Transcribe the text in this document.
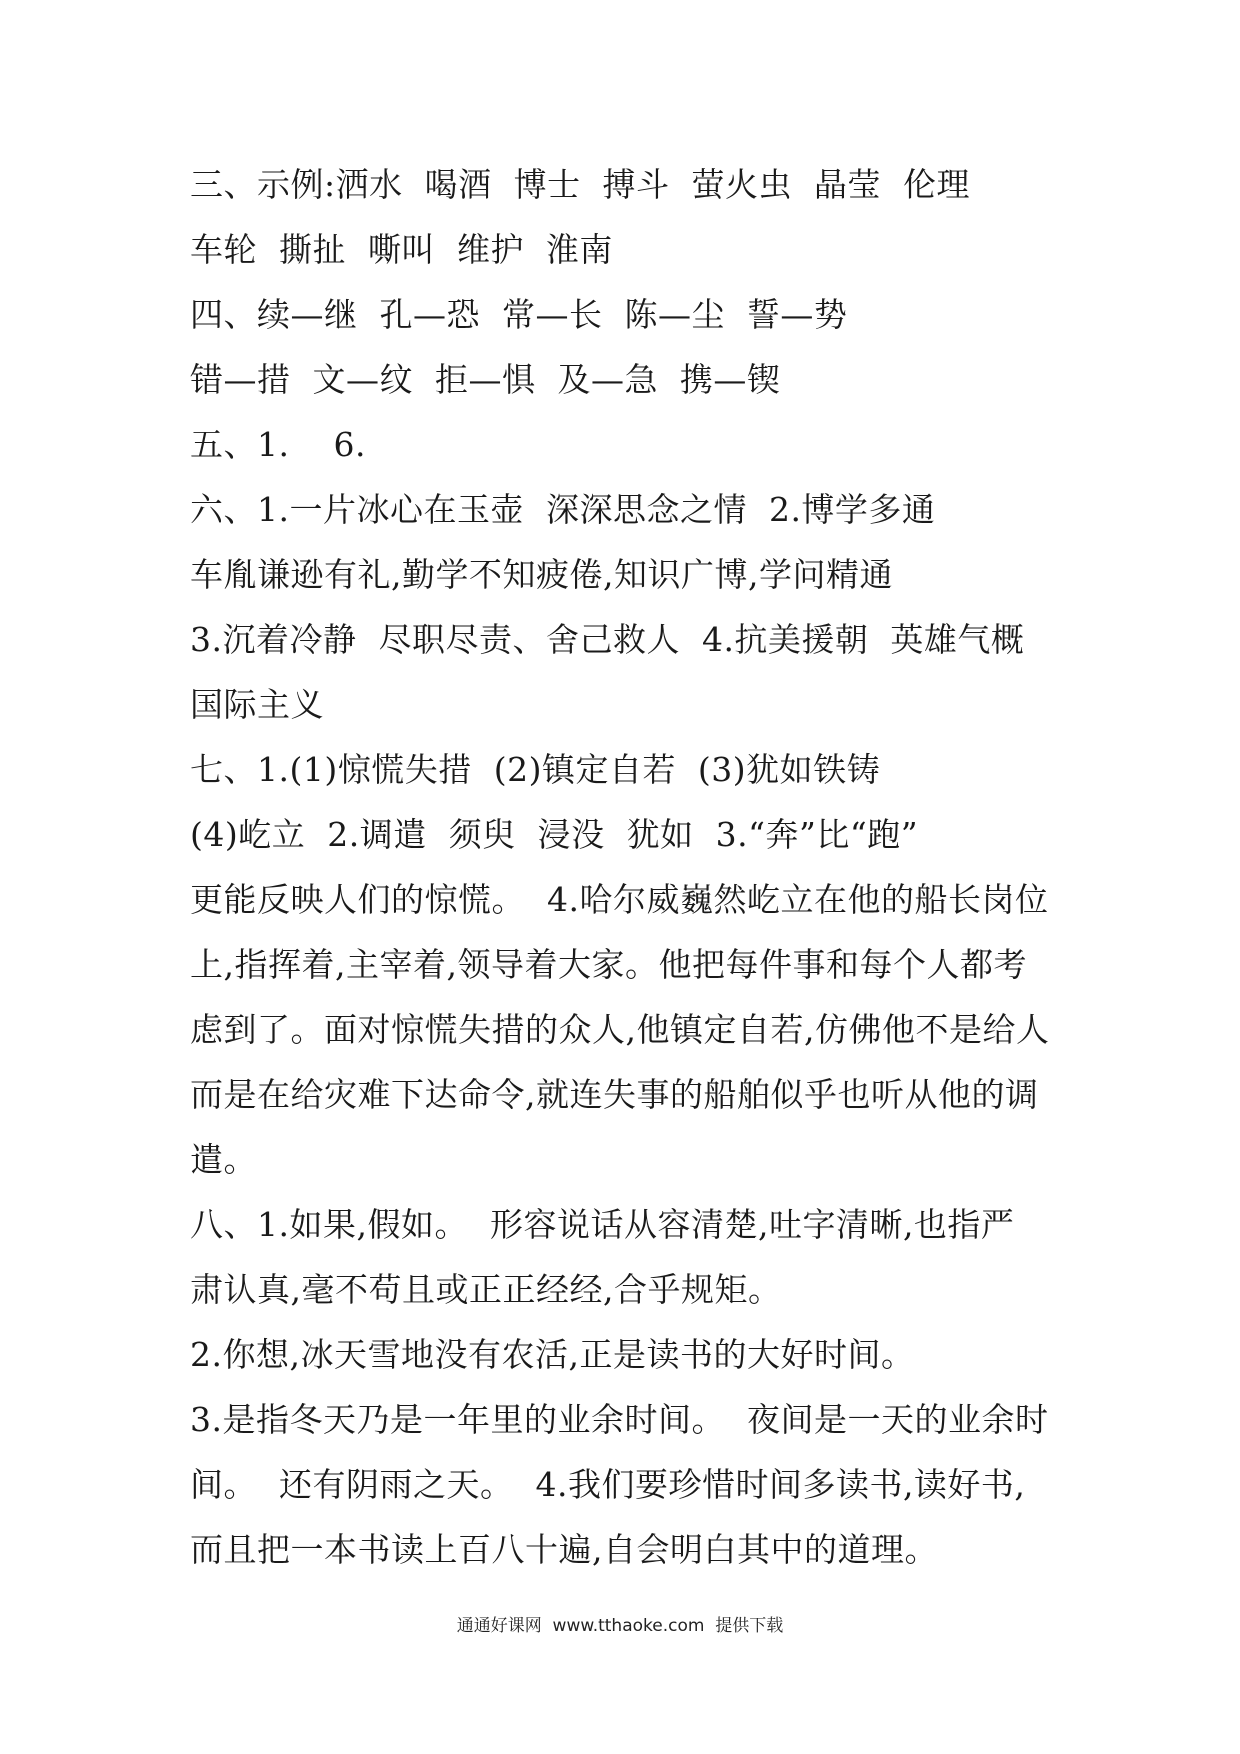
三、示例:洒水  喝酒  博士  搏斗  萤火虫  晶莹  伦理
车轮  撕扯  嘶叫  维护  淮南
四、续—继  孔—恐  常—长  陈—尘  誓—势
错—措  文—纹  拒—惧  及—急  携—锲
五、1.    6.
六、1.一片冰心在玉壶  深深思念之情  2.博学多通
车胤谦逊有礼,勤学不知疲倦,知识广博,学问精通
3.沉着冷静  尽职尽责、舍己救人  4.抗美援朝  英雄气概
国际主义
七、1.(1)惊慌失措  (2)镇定自若  (3)犹如铁铸
(4)屹立  2.调遣  须臾  浸没  犹如  3.“奔”比“跑”
更能反映人们的惊慌。  4.哈尔威巍然屹立在他的船长岗位
上,指挥着,主宰着,领导着大家。他把每件事和每个人都考
虑到了。面对惊慌失措的众人,他镇定自若,仿佛他不是给人
而是在给灾难下达命令,就连失事的船舶似乎也听从他的调
遣。
八、1.如果,假如。  形容说话从容清楚,吐字清晰,也指严
肃认真,毫不苟且或正正经经,合乎规矩。
2.你想,冰天雪地没有农活,正是读书的大好时间。
3.是指冬天乃是一年里的业余时间。  夜间是一天的业余时
间。  还有阴雨之天。  4.我们要珍惜时间多读书,读好书,
而且把一本书读上百八十遍,自会明白其中的道理。
通通好课网  www.tthaoke.com  提供下载
